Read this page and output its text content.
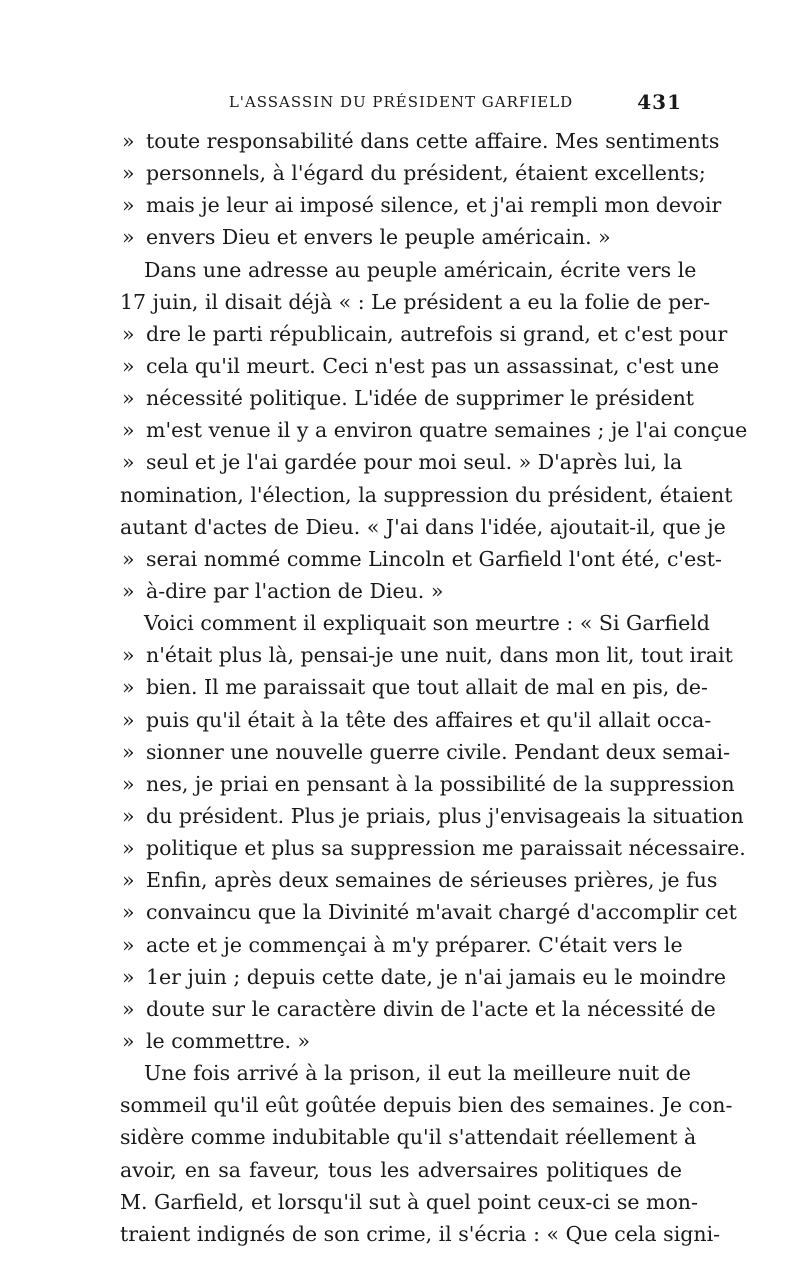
L'ASSASSIN DU PRÉSIDENT GARFIELD	431
» toute responsabilité dans cette affaire. Mes sentiments
» personnels, à l'égard du président, étaient excellents;
» mais je leur ai imposé silence, et j'ai rempli mon devoir
» envers Dieu et envers le peuple américain. »
Dans une adresse au peuple américain, écrite vers le
17 juin, il disait déjà « : Le président a eu la folie de per-
» dre le parti républicain, autrefois si grand, et c'est pour
» cela qu'il meurt. Ceci n'est pas un assassinat, c'est une
» nécessité politique. L'idée de supprimer le président
» m'est venue il y a environ quatre semaines ; je l'ai conçue
» seul et je l'ai gardée pour moi seul. » D'après lui, la
nomination, l'élection, la suppression du président, étaient
autant d'actes de Dieu. « J'ai dans l'idée, ajoutait-il, que je
» serai nommé comme Lincoln et Garfield l'ont été, c'est-
» à-dire par l'action de Dieu. »
Voici comment il expliquait son meurtre : « Si Garfield
» n'était plus là, pensai-je une nuit, dans mon lit, tout irait
» bien. Il me paraissait que tout allait de mal en pis, de-
» puis qu'il était à la tête des affaires et qu'il allait occa-
» sionner une nouvelle guerre civile. Pendant deux semai-
» nes, je priai en pensant à la possibilité de la suppression
» du président. Plus je priais, plus j'envisageais la situation
» politique et plus sa suppression me paraissait nécessaire.
» Enfin, après deux semaines de sérieuses prières, je fus
» convaincu que la Divinité m'avait chargé d'accomplir cet
» acte et je commençai à m'y préparer. C'était vers le
» 1er juin ; depuis cette date, je n'ai jamais eu le moindre
» doute sur le caractère divin de l'acte et la nécessité de
» le commettre. »
Une fois arrivé à la prison, il eut la meilleure nuit de
sommeil qu'il eût goûtée depuis bien des semaines. Je con-
sidère comme indubitable qu'il s'attendait réellement à
avoir, en sa faveur, tous les adversaires politiques de
M. Garfield, et lorsqu'il sut à quel point ceux-ci se mon-
traient indignés de son crime, il s'écria : « Que cela signi-
